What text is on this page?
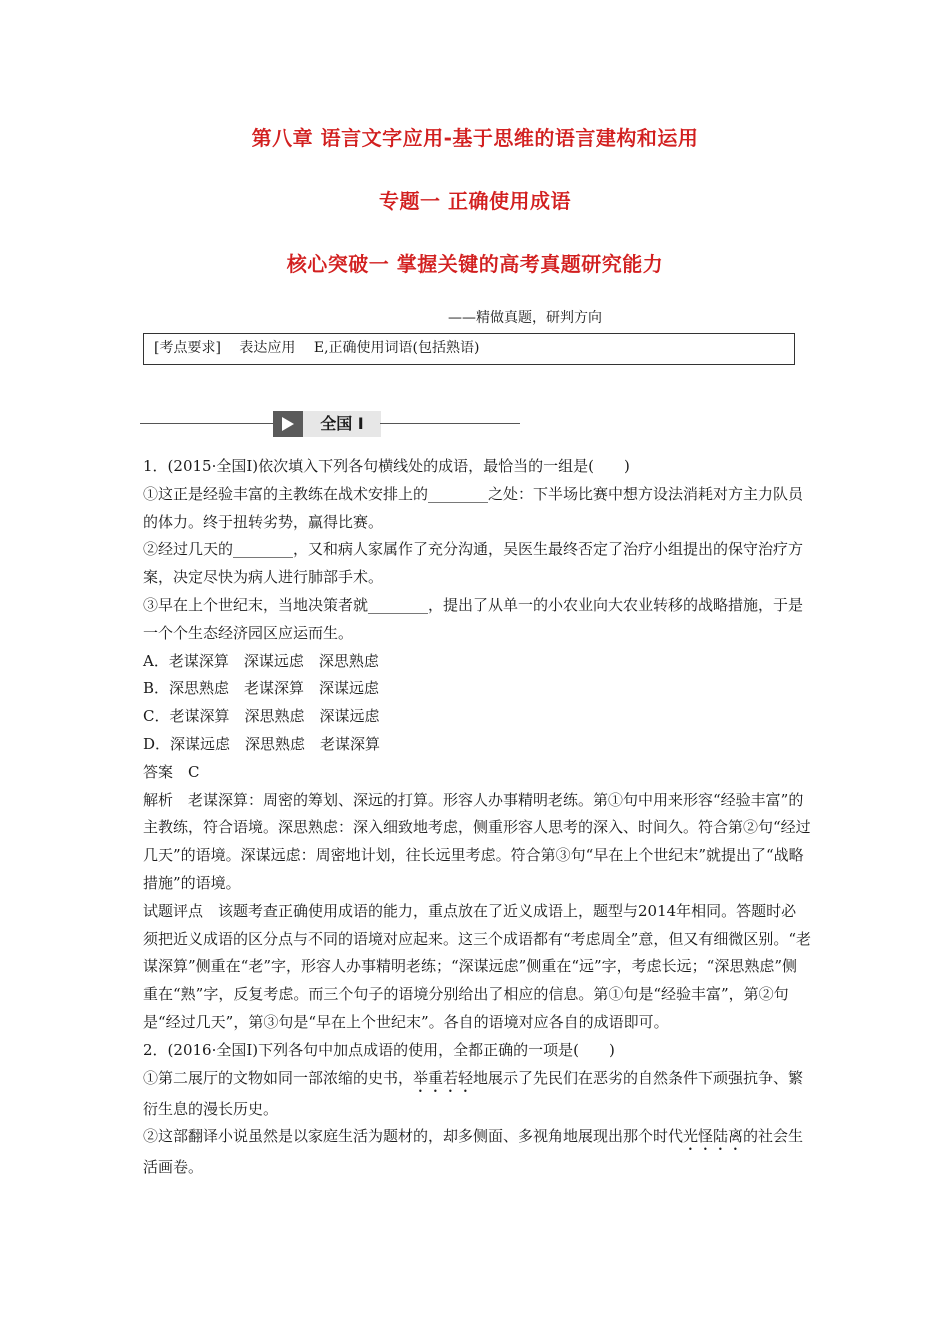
第八章 语言文字应用-基于思维的语言建构和运用
专题一 正确使用成语
核心突破一 掌握关键的高考真题研究能力
——精做真题，研判方向
[考点要求] 表达应用 E,正确使用词语(包括熟语)
全国 I

1．(2015·全国Ⅰ)依次填入下列各句横线处的成语，最恰当的一组是(　　)

①这正是经验丰富的主教练在战术安排上的________之处：下半场比赛中想方设法消耗对方主力队员的体力。终于扭转劣势，赢得比赛。

②经过几天的________，又和病人家属作了充分沟通，吴医生最终否定了治疗小组提出的保守治疗方案，决定尽快为病人进行肺部手术。

③早在上个世纪末，当地决策者就________，提出了从单一的小农业向大农业转移的战略措施，于是一个个生态经济园区应运而生。

A．老谋深算　深谋远虑　深思熟虑

B．深思熟虑　老谋深算　深谋远虑

C．老谋深算　深思熟虑　深谋远虑

D．深谋远虑　深思熟虑　老谋深算

答案　C

解析　老谋深算：周密的筹划、深远的打算。形容人办事精明老练。第①句中用来形容“经验丰富”的主教练，符合语境。深思熟虑：深入细致地考虑，侧重形容人思考的深入、时间久。符合第②句“经过几天”的语境。深谋远虑：周密地计划，往长远里考虑。符合第③句“早在上个世纪末”就提出了“战略措施”的语境。

试题评点　该题考查正确使用成语的能力，重点放在了近义成语上，题型与2014年相同。答题时必须把近义成语的区分点与不同的语境对应起来。这三个成语都有“考虑周全”意，但又有细微区别。“老谋深算”侧重在“老”字，形容人办事精明老练；“深谋远虑”侧重在“远”字，考虑长远；“深思熟虑”侧重在“熟”字，反复考虑。而三个句子的语境分别给出了相应的信息。第①句是“经验丰富”，第②句是“经过几天”，第③句是“早在上个世纪末”。各自的语境对应各自的成语即可。

2．(2016·全国Ⅰ)下列各句中加点成语的使用，全都正确的一项是(　　)

①第二展厅的文物如同一部浓缩的史书，举重若轻地展示了先民们在恶劣的自然条件下顽强抗争、繁衍生息的漫长历史。

②这部翻译小说虽然是以家庭生活为题材的，却多侧面、多视角地展现出那个时代光怪陆离的社会生活画卷。
